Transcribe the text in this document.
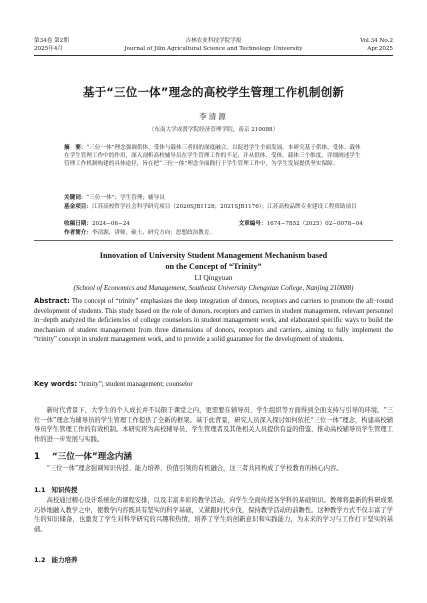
第34卷 第2期
2025年4月
吉林农业科技学院学报
Journal of Jilin Agricultural Science and Technology University
Vol.34 No.2
Apr.2025
基于“三位一体”理念的高校学生管理工作机制创新
李清源
（东南大学成贤学院经济管理学院，南京 210088）
摘　要：“三位一体”理念强调供体、受体与载体三者间的深度融合，以促进学生全面发展。本研究基于供体、受体、载体在学生管理工作中的作用，深入剖析高校辅导员在学生管理工作的不足，并从供体、受体、载体三个维度，详细阐述学生管理工作机制构建的具体途径，旨在把“三位一体”理念全面践行于学生管理工作中，为学生发展提供坚实保障。
关键词：“三位一体”；学生管理；辅导员
基金项目：江苏高校哲学社会科学研究项目（2020SJB1128；2021SJB1176）；江苏高校品牌专业建设工程资助项目
收稿日期：2024−06−24	文章编号：1674−7852（2025）02−0078−04
作者简介：李清源，讲师，硕士，研究方向：思想政治教育。
Innovation of University Student Management Mechanism based
on the Concept of “Trinity”
LI Qingyuan
(School of Economics and Management, Southeast University Chengxian College, Nanjing 210088)
Abstract: The concept of “trinity” emphasizes the deep integration of donors, receptors and carriers to promote the all−round development of students. This study based on the role of donors, receptors and carriers in student management, relevant personnel in−depth analyzed the deficiencies of college counselors in student management work, and elaborated specific ways to build the mechanism of student management from three dimensions of donors, receptors and carriers, aiming to fully implement the “trinity” concept in student management work, and to provide a solid guarantee for the development of students.
Key words: “trinity”; student management; counselor
新时代背景下，大学生的个人成长并不局限于课堂之内，更需要在辅导员、学生组织等方面得到全面支持与引导的环境。“三位一体”理念为辅导员的学生管理工作提供了全新的框架。基于此背景，研究人员深入探讨如何依托“三位一体”理念，构建高校辅导员学生管理工作的有效机制。本研究将为高校辅导员、学生管理者及其他相关人员提供有益的借鉴，推动高校辅导员学生管理工作的进一步发展与实践。
1 “三位一体”理念内涵
“三位一体”理念强调知识传授、能力培养、价值引领的有机融合，这三者共同构成了学校教育的核心内容。
1.1 知识传授
高校通过精心设计系统化的课程安排，以及丰富多彩的教学活动，向学生全面传授各学科的基础知识。教师将最新的科研成果巧妙地融入教学之中，使教学内容既具有坚实的科学基础，又紧跟时代步伐，保持教学活动的前瞻性。这种教学方式不仅丰富了学生的知识储备，也激发了学生对科学研究的兴趣和热情，培养了学生的创新意识和实践能力，为未来的学习与工作打下坚实的基础。
1.2 能力培养
